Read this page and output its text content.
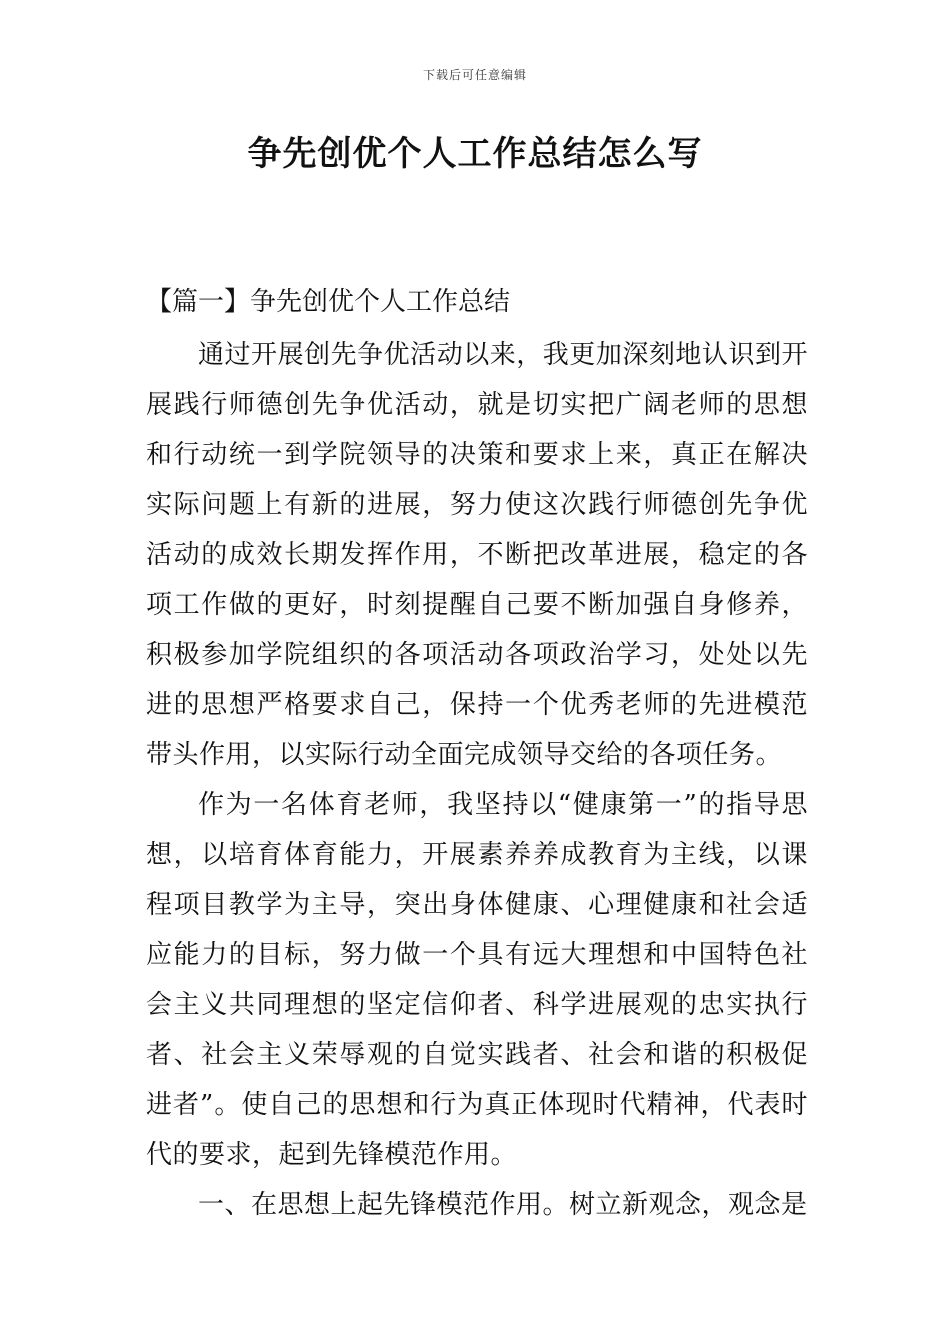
下载后可任意编辑
争先创优个人工作总结怎么写
【篇一】争先创优个人工作总结

通过开展创先争优活动以来，我更加深刻地认识到开展践行师德创先争优活动，就是切实把广阔老师的思想和行动统一到学院领导的决策和要求上来，真正在解决实际问题上有新的进展，努力使这次践行师德创先争优活动的成效长期发挥作用，不断把改革进展，稳定的各项工作做的更好，时刻提醒自己要不断加强自身修养，积极参加学院组织的各项活动各项政治学习，处处以先进的思想严格要求自己，保持一个优秀老师的先进模范带头作用，以实际行动全面完成领导交给的各项任务。

作为一名体育老师，我坚持以“健康第一”的指导思想，以培育体育能力，开展素养养成教育为主线，以课程项目教学为主导，突出身体健康、心理健康和社会适应能力的目标，努力做一个具有远大理想和中国特色社会主义共同理想的坚定信仰者、科学进展观的忠实执行者、社会主义荣辱观的自觉实践者、社会和谐的积极促进者”。使自己的思想和行为真正体现时代精神，代表时代的要求，起到先锋模范作用。

一、在思想上起先锋模范作用。树立新观念，观念是
